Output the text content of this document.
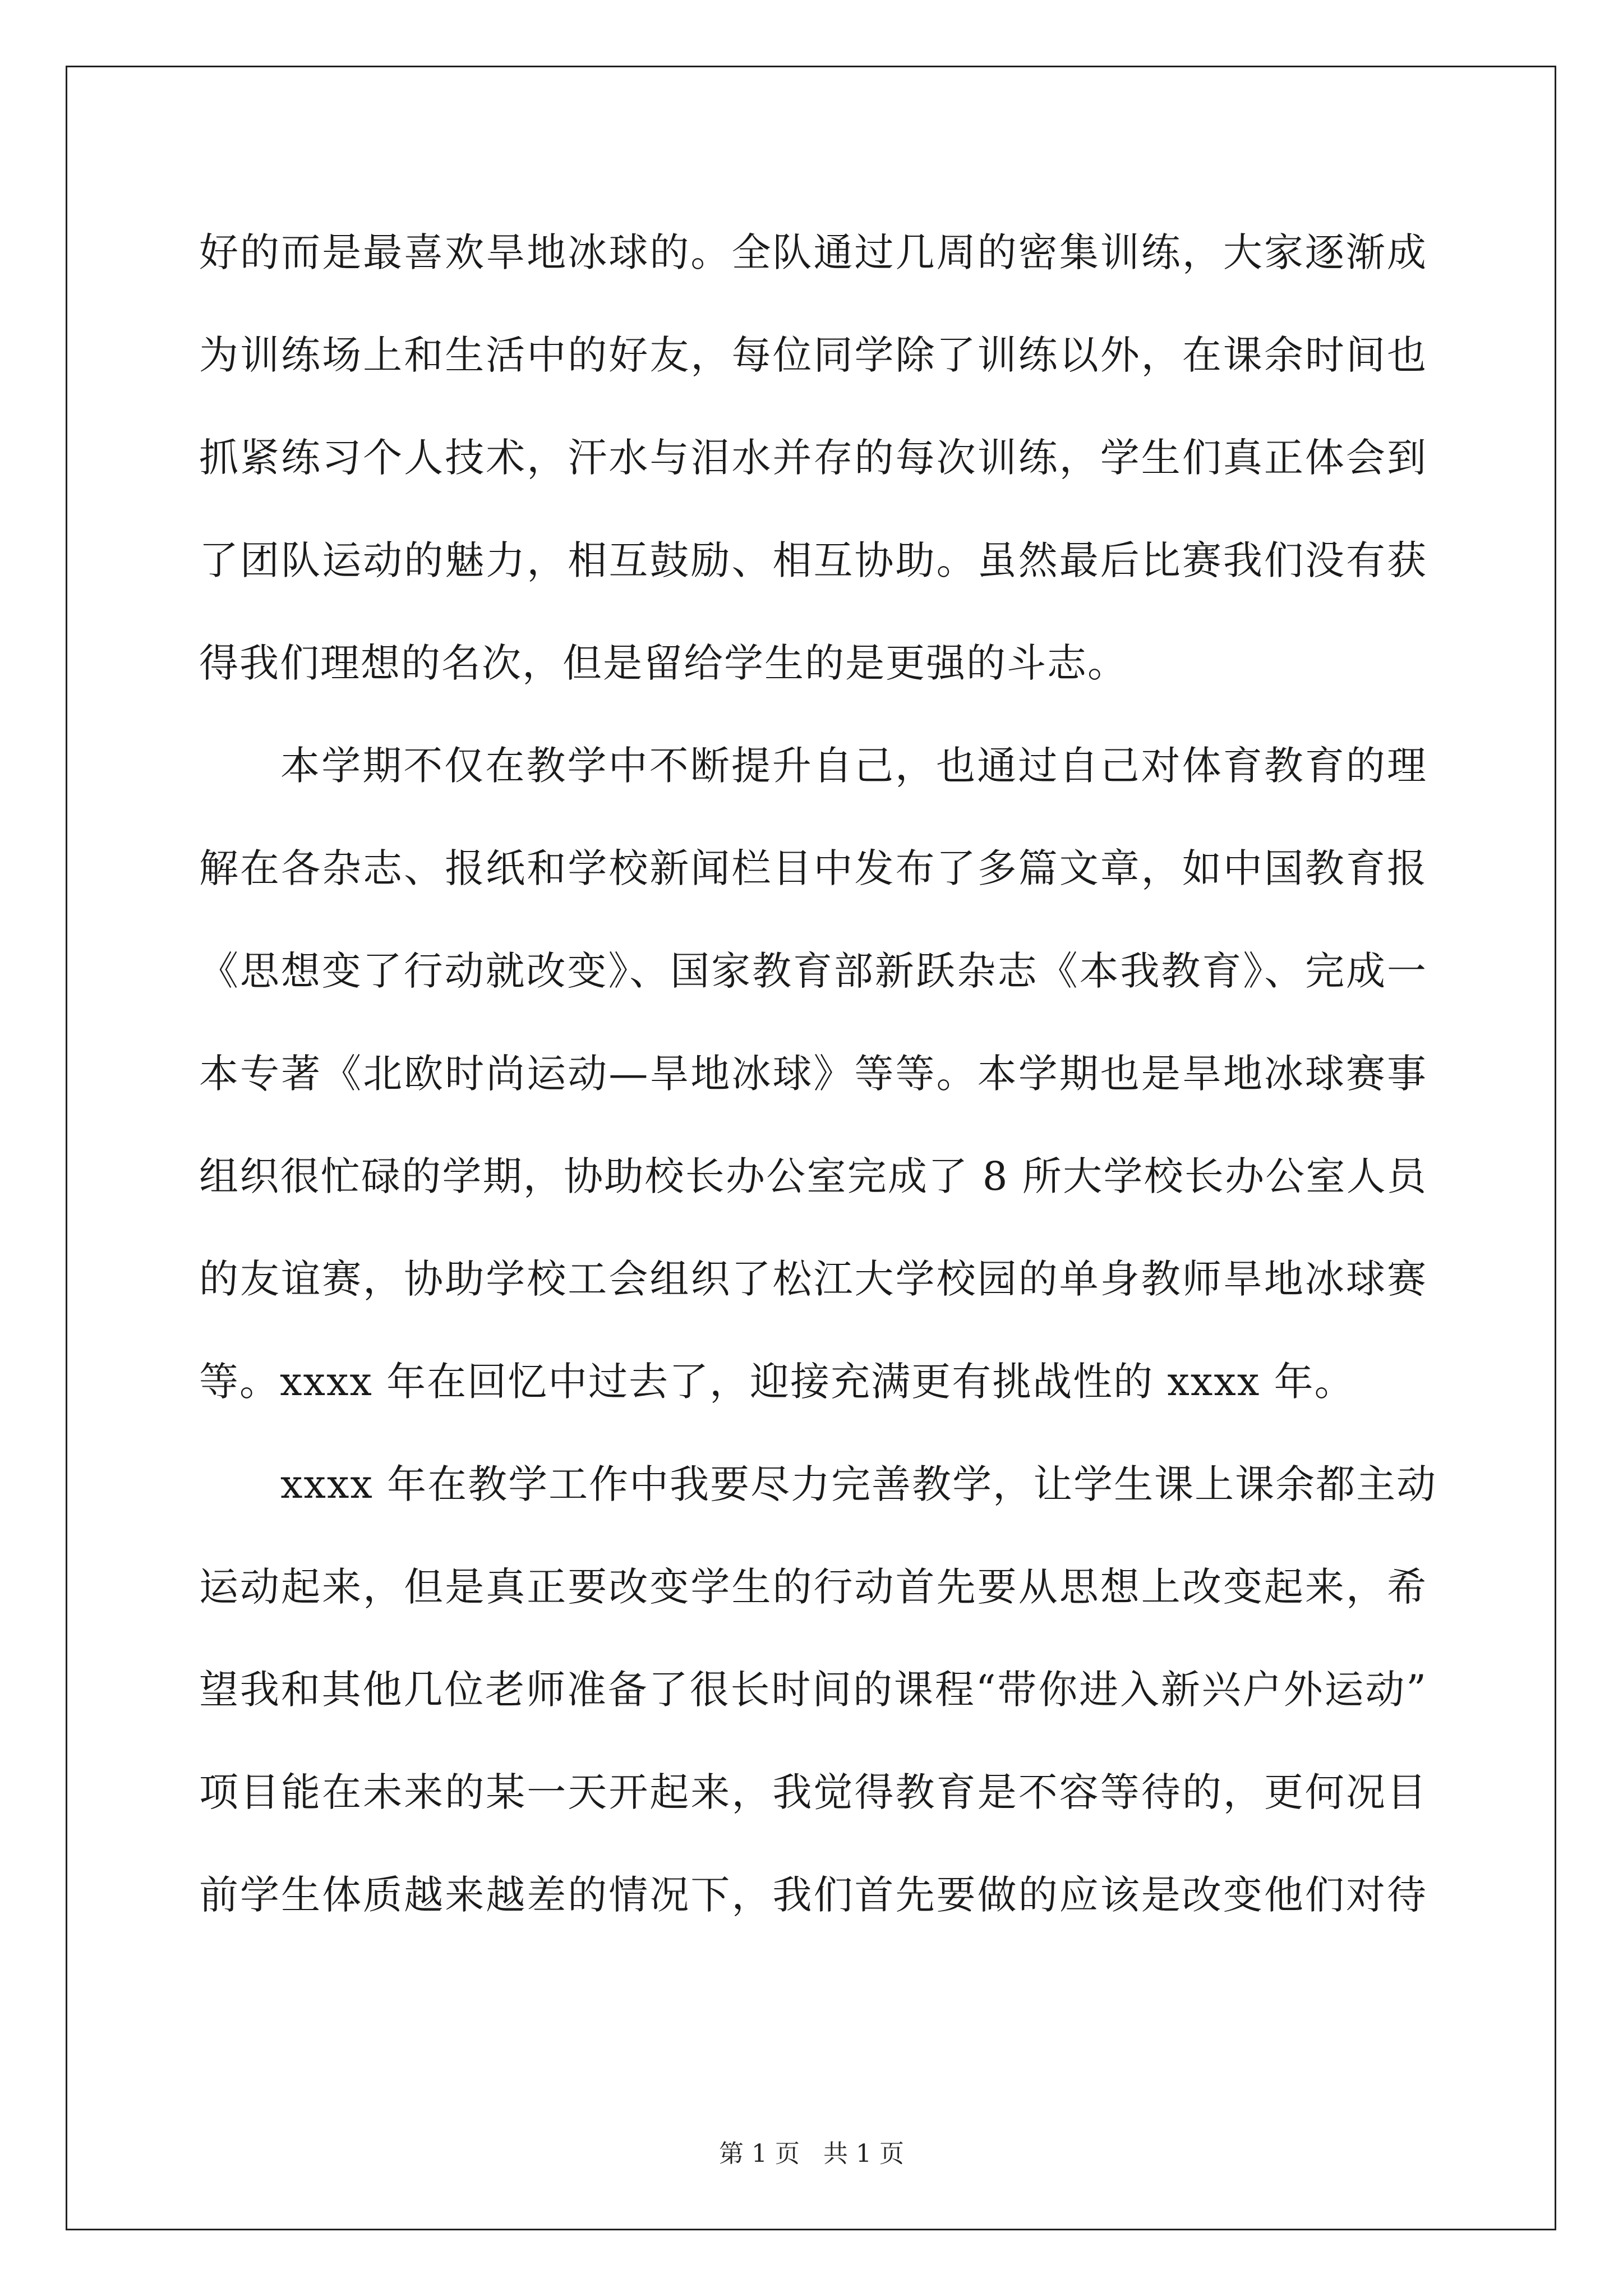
好的而是最喜欢旱地冰球的。全队通过几周的密集训练，大家逐渐成
为训练场上和生活中的好友，每位同学除了训练以外，在课余时间也
抓紧练习个人技术，汗水与泪水并存的每次训练，学生们真正体会到
了团队运动的魅力，相互鼓励、相互协助。虽然最后比赛我们没有获
得我们理想的名次，但是留给学生的是更强的斗志。
本学期不仅在教学中不断提升自己，也通过自己对体育教育的理
解在各杂志、报纸和学校新闻栏目中发布了多篇文章，如中国教育报
《思想变了行动就改变》、国家教育部新跃杂志《本我教育》、完成一
本专著《北欧时尚运动—旱地冰球》等等。本学期也是旱地冰球赛事
组织很忙碌的学期，协助校长办公室完成了 8 所大学校长办公室人员
的友谊赛，协助学校工会组织了松江大学校园的单身教师旱地冰球赛
等。xxxx 年在回忆中过去了，迎接充满更有挑战性的 xxxx 年。
xxxx 年在教学工作中我要尽力完善教学，让学生课上课余都主动
运动起来，但是真正要改变学生的行动首先要从思想上改变起来，希
望我和其他几位老师准备了很长时间的课程“带你进入新兴户外运动”
项目能在未来的某一天开起来，我觉得教育是不容等待的，更何况目
前学生体质越来越差的情况下，我们首先要做的应该是改变他们对待
第 1 页 共 1 页
